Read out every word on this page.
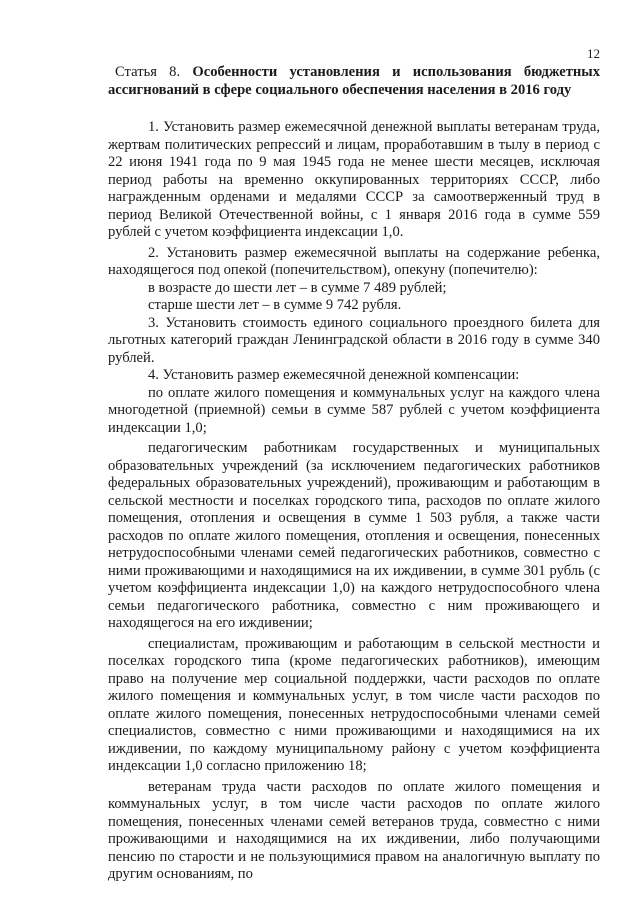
12
Статья 8. Особенности установления и использования бюджетных ассигнований в сфере социального обеспечения населения в 2016 году

1. Установить размер ежемесячной денежной выплаты ветеранам труда, жертвам политических репрессий и лицам, проработавшим в тылу в период с 22 июня 1941 года по 9 мая 1945 года не менее шести месяцев, исключая период работы на временно оккупированных территориях СССР, либо награжденным орденами и медалями СССР за самоотверженный труд в период Великой Отечественной войны, с 1 января 2016 года в сумме 559 рублей с учетом коэффициента индексации 1,0.

2. Установить размер ежемесячной выплаты на содержание ребенка, находящегося под опекой (попечительством), опекуну (попечителю):

в возрасте до шести лет – в сумме 7 489 рублей;

старше шести лет – в сумме 9 742 рубля.

3. Установить стоимость единого социального проездного билета для льготных категорий граждан Ленинградской области в 2016 году в сумме 340 рублей.

4. Установить размер ежемесячной денежной компенсации:

по оплате жилого помещения и коммунальных услуг на каждого члена многодетной (приемной) семьи в сумме 587 рублей с учетом коэффициента индексации 1,0;

педагогическим работникам государственных и муниципальных образовательных учреждений (за исключением педагогических работников федеральных образовательных учреждений), проживающим и работающим в сельской местности и поселках городского типа, расходов по оплате жилого помещения, отопления и освещения в сумме 1 503 рубля, а также части расходов по оплате жилого помещения, отопления и освещения, понесенных нетрудоспособными членами семей педагогических работников, совместно с ними проживающими и находящимися на их иждивении, в сумме 301 рубль (с учетом коэффициента индексации 1,0) на каждого нетрудоспособного члена семьи педагогического работника, совместно с ним проживающего и находящегося на его иждивении;

специалистам, проживающим и работающим в сельской местности и поселках городского типа (кроме педагогических работников), имеющим право на получение мер социальной поддержки, части расходов по оплате жилого помещения и коммунальных услуг, в том числе части расходов по оплате жилого помещения, понесенных нетрудоспособными членами семей специалистов, совместно с ними проживающими и находящимися на их иждивении, по каждому муниципальному району с учетом коэффициента индексации 1,0 согласно приложению 18;

ветеранам труда части расходов по оплате жилого помещения и коммунальных услуг, в том числе части расходов по оплате жилого помещения, понесенных членами семей ветеранов труда, совместно с ними проживающими и находящимися на их иждивении, либо получающими пенсию по старости и не пользующимися правом на аналогичную выплату по другим основаниям, по
